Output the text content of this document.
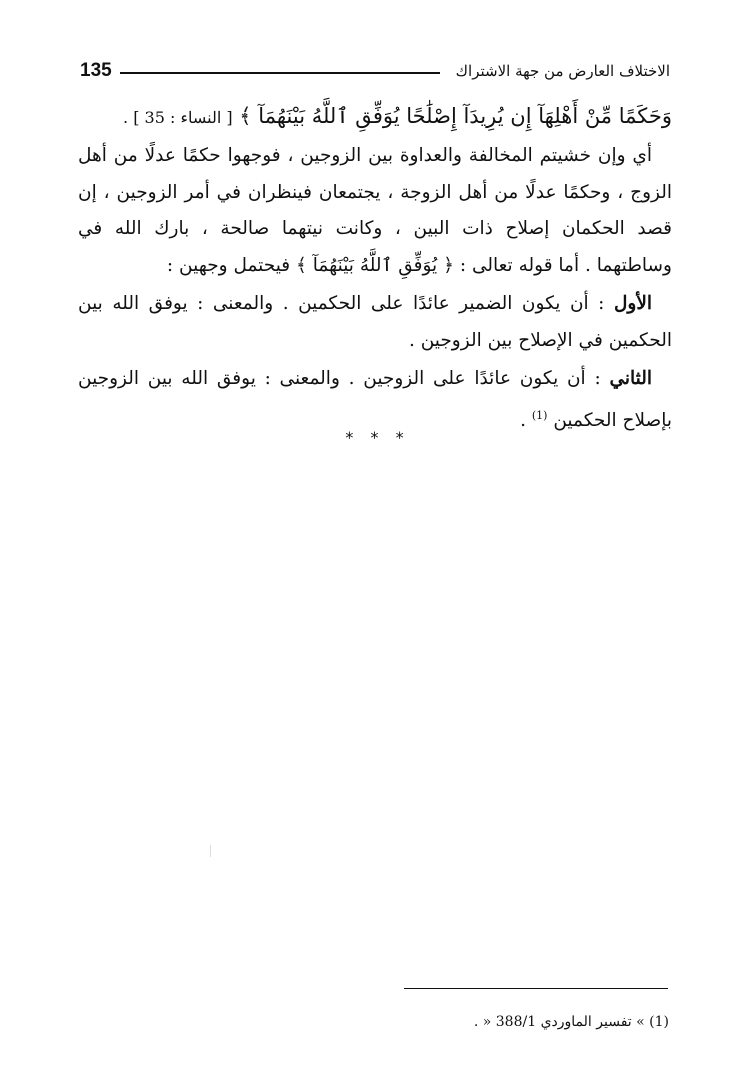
135	الاختلاف العارض من جهة الاشتراك

وَحَكَمًا مِّنْ أَهْلِهَآ إِن يُرِيدَآ إِصْلَٰحًا يُوَفِّقِ ٱللَّهُ بَيْنَهُمَآ ﴾ [ النساء : 35 ] .

أي وإن خشيتم المخالفة والعداوة بين الزوجين ، فوجهوا حكمًا عدلًا من أهل الزوج ، وحكمًا عدلًا من أهل الزوجة ، يجتمعان فينظران في أمر الزوجين ، إن قصد الحكمان إصلاح ذات البين ، وكانت نيتهما صالحة ، بارك الله في وساطتهما . أما قوله تعالى : ﴿ يُوَفِّقِ ٱللَّهُ بَيْنَهُمَآ ﴾ فيحتمل وجهين :

الأول : أن يكون الضمير عائدًا على الحكمين . والمعنى : يوفق الله بين الحكمين في الإصلاح بين الزوجين .

الثاني : أن يكون عائدًا على الزوجين . والمعنى : يوفق الله بين الزوجين بإصلاح الحكمين $^{(1)}$ .

* * *
(1) » تفسير الماوردي 388/1 « .
